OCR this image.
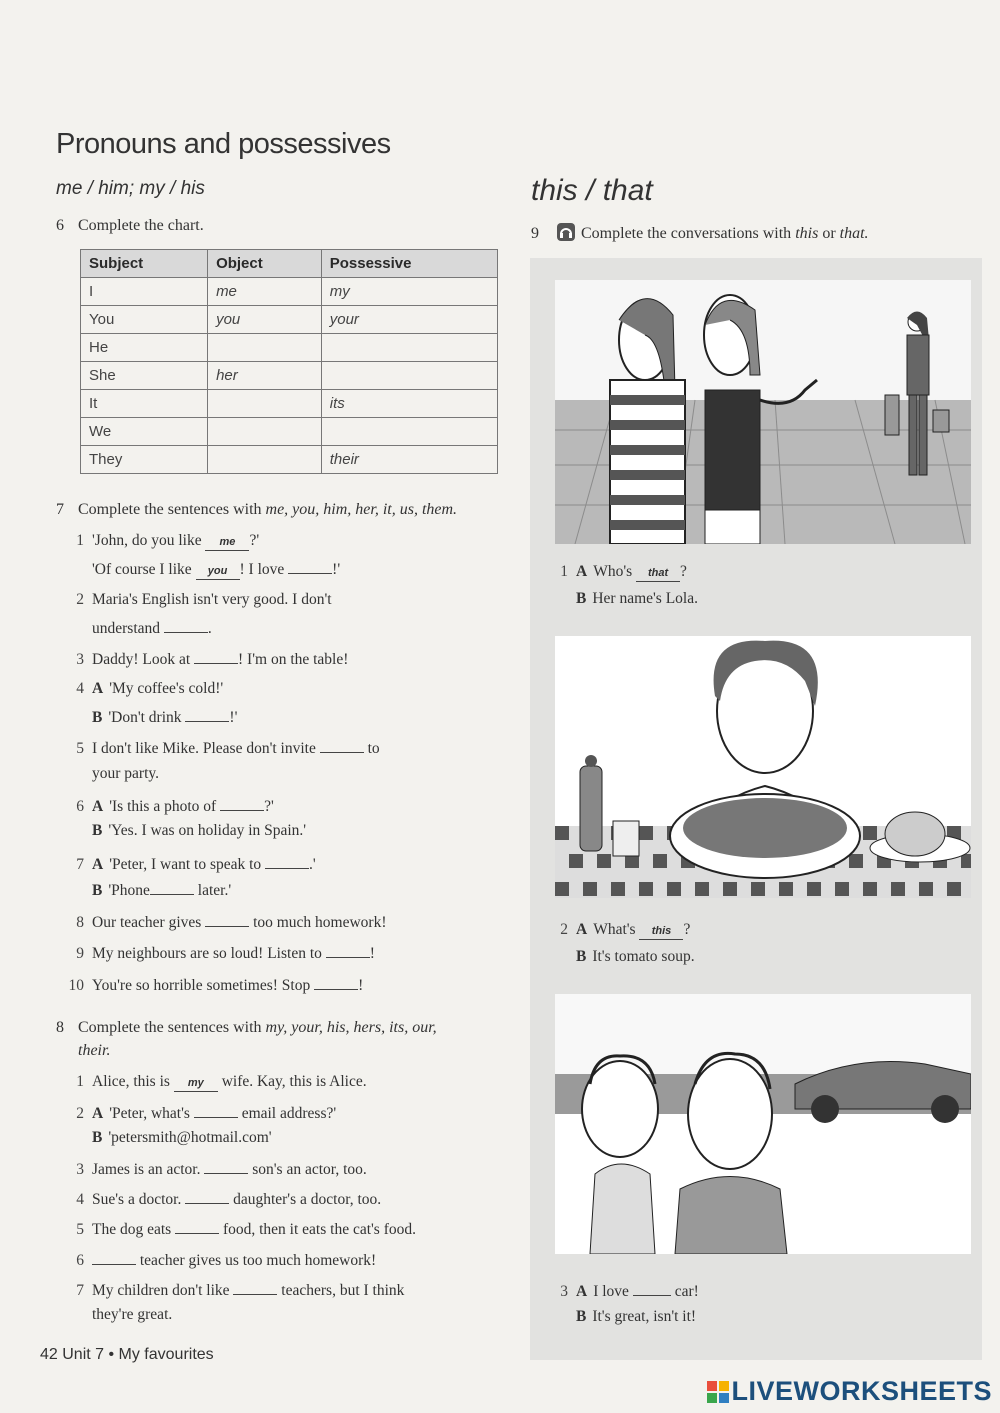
Pronouns and possessives
me / him; my / his
6 Complete the chart.
Subject	Object	Possessive
I	me	my
You	you	your
He		
She	her	
It		its
We		
They		their
7 Complete the sentences with me, you, him, her, it, us, them.
1 'John, do you like me ?'
'Of course I like you ! I love	!'
2 Maria's English isn't very good. I don't
understand	.
3 Daddy! Look at	! I'm on the table!
4 A 'My coffee's cold!'
B 'Don't drink	!'
5 I don't like Mike. Please don't invite	to
your party.
6 A 'Is this a photo of	?'
B 'Yes. I was on holiday in Spain.'
7 A 'Peter, I want to speak to	.'
B 'Phone	later.'
8 Our teacher gives	too much homework!
9 My neighbours are so loud! Listen to	!
10 You're so horrible sometimes! Stop	!
8 Complete the sentences with my, your, his, hers, its, our,
their.
1 Alice, this is my wife. Kay, this is Alice.
2 A 'Peter, what's	email address?'
B 'petersmith@hotmail.com'
3 James is an actor.	son's an actor, too.
4 Sue's a doctor.	daughter's a doctor, too.
5 The dog eats	food, then it eats the cat's food.
6	teacher gives us too much homework!
7 My children don't like	teachers, but I think
they're great.
this / that
9	Complete the conversations with this or that.
1 A Who's that ?
B Her name's Lola.
2 A What's this ?
B It's tomato soup.
3 A I love  car!
B It's great, isn't it!
42 Unit 7 • My favourites
LIVEWORKSHEETS
